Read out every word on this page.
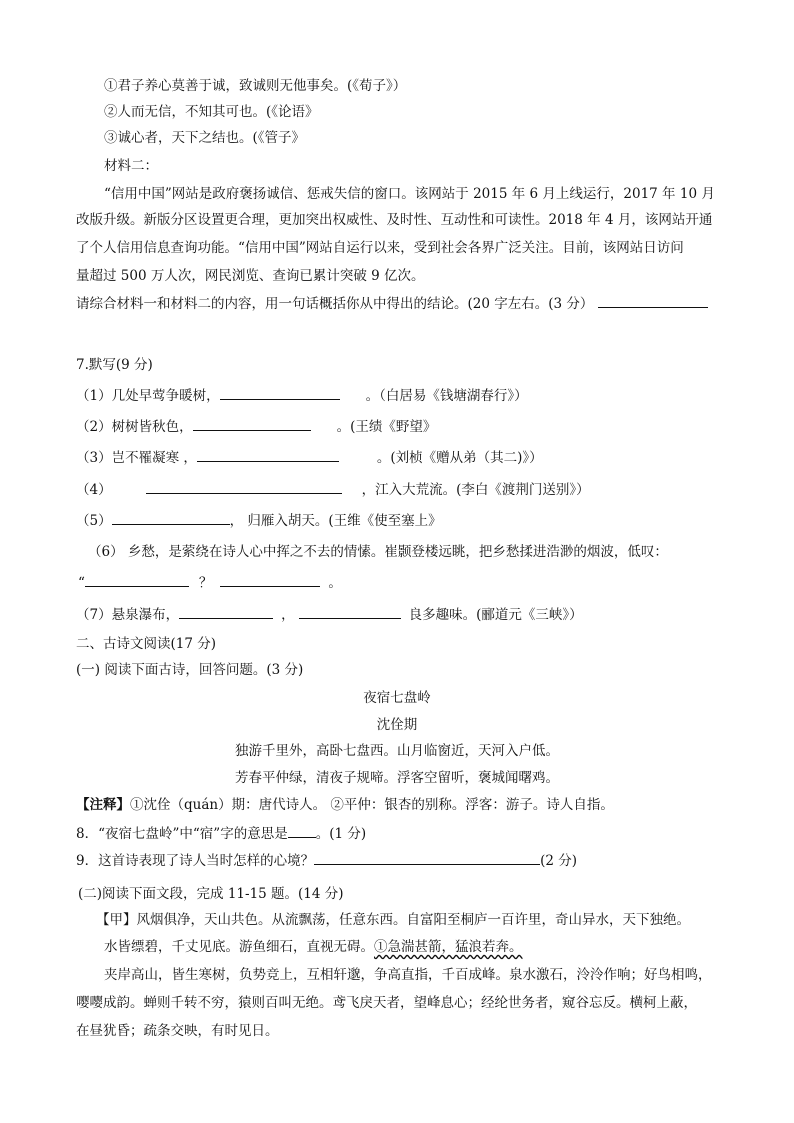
①君子养心莫善于诚，致诚则无他事矣。(《荀子》）
②人而无信，不知其可也。(《论语》
③诚心者，天下之结也。(《管子》
材料二：
“信用中国”网站是政府褒扬诚信、惩戒失信的窗口。该网站于 2015 年 6 月上线运行，2017 年 10 月
改版升级。新版分区设置更合理，更加突出权威性、及时性、互动性和可读性。2018 年 4 月，该网站开通
了个人信用信息查询功能。“信用中国”网站自运行以来，受到社会各界广泛关注。目前，该网站日访问
量超过 500 万人次，网民浏览、查询已累计突破 9 亿次。
请综合材料一和材料二的内容，用一句话概括你从中得出的结论。(20 字左右。(3 分）
7.默写(9 分)
（1）几处早莺争暖树，	。（白居易《钱塘湖春行》）
（2）树树皆秋色，	。(王绩《野望》
（3）岂不罹凝寒 ，	。(刘桢《赠从弟（其二)》）
（4）	，江入大荒流。(李白《渡荆门送别》）
（5）	， 归雁入胡天。(王维《使至塞上》
（6） 乡愁，是萦绕在诗人心中挥之不去的情愫。崔颢登楼远眺，把乡愁揉进浩渺的烟波，低叹：
“	？	。
（7）悬泉瀑布，	，	良多趣味。(郦道元《三峡》）
二、古诗文阅读(17 分)
(一) 阅读下面古诗，回答问题。(3 分)
夜宿七盘岭
沈佺期
独游千里外，高卧七盘西。山月临窗近，天河入户低。
芳春平仲绿，清夜子规啼。浮客空留听，褒城闻曙鸡。
【注释】①沈佺（quán）期：唐代诗人。 ②平仲：银杏的别称。浮客：游子。诗人自指。
8．“夜宿七盘岭”中“宿”字的意思是 。(1 分)
9．这首诗表现了诗人当时怎样的心境？	(2 分)
(二)阅读下面文段，完成 11-15 题。(14 分)
【甲】风烟俱净，天山共色。从流飘荡，任意东西。自富阳至桐庐一百许里，奇山异水，天下独绝。
水皆缥碧，千丈见底。游鱼细石，直视无碍。①急湍甚箭，猛浪若奔。
夹岸高山，皆生寒树，负势竞上，互相轩邈，争高直指，千百成峰。泉水激石，泠泠作响；好鸟相鸣，
嘤嘤成韵。蝉则千转不穷，猿则百叫无绝。鸢飞戾天者，望峰息心；经纶世务者，窥谷忘反。横柯上蔽，
在昼犹昏；疏条交映，有时见日。
